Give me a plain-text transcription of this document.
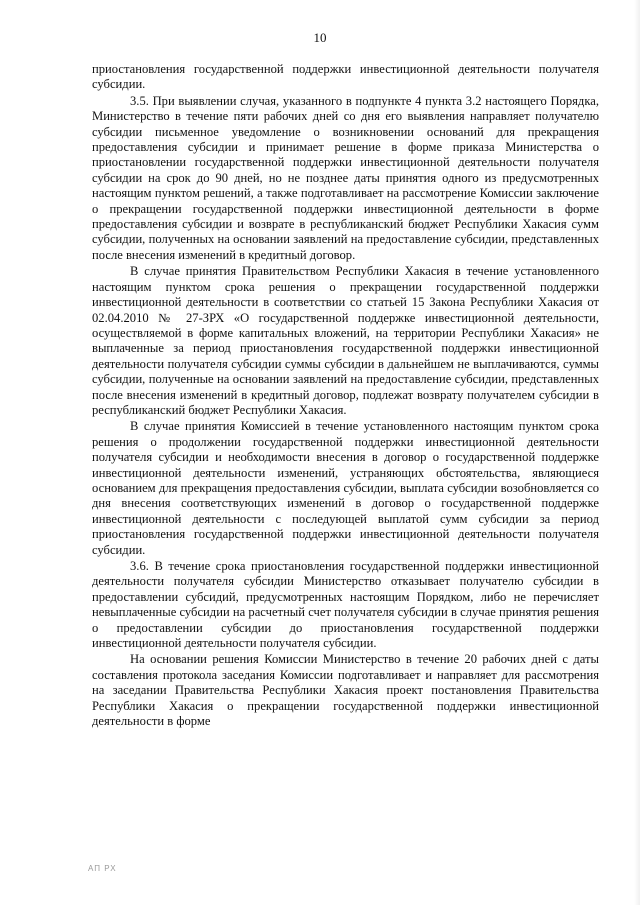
10

приостановления государственной поддержки инвестиционной деятельности получателя субсидии.

3.5. При выявлении случая, указанного в подпункте 4 пункта 3.2 настоящего Порядка, Министерство в течение пяти рабочих дней со дня его выявления направляет получателю субсидии письменное уведомление о возникновении оснований для прекращения предоставления субсидии и принимает решение в форме приказа Министерства о приостановлении государственной поддержки инвестиционной деятельности получателя субсидии на срок до 90 дней, но не позднее даты принятия одного из предусмотренных настоящим пунктом решений, а также подготавливает на рассмотрение Комиссии заключение о прекращении государственной поддержки инвестиционной деятельности в форме предоставления субсидии и возврате в республиканский бюджет Республики Хакасия сумм субсидии, полученных на основании заявлений на предоставление субсидии, представленных после внесения изменений в кредитный договор.

В случае принятия Правительством Республики Хакасия в течение установленного настоящим пунктом срока решения о прекращении государственной поддержки инвестиционной деятельности в соответствии со статьей 15 Закона Республики Хакасия от 02.04.2010 № 27-ЗРХ «О государственной поддержке инвестиционной деятельности, осуществляемой в форме капитальных вложений, на территории Республики Хакасия» не выплаченные за период приостановления государственной поддержки инвестиционной деятельности получателя субсидии суммы субсидии в дальнейшем не выплачиваются, суммы субсидии, полученные на основании заявлений на предоставление субсидии, представленных после внесения изменений в кредитный договор, подлежат возврату получателем субсидии в республиканский бюджет Республики Хакасия.

В случае принятия Комиссией в течение установленного настоящим пунктом срока решения о продолжении государственной поддержки инвестиционной деятельности получателя субсидии и необходимости внесения в договор о государственной поддержке инвестиционной деятельности изменений, устраняющих обстоятельства, являющиеся основанием для прекращения предоставления субсидии, выплата субсидии возобновляется со дня внесения соответствующих изменений в договор о государственной поддержке инвестиционной деятельности с последующей выплатой сумм субсидии за период приостановления государственной поддержки инвестиционной деятельности получателя субсидии.

3.6. В течение срока приостановления государственной поддержки инвестиционной деятельности получателя субсидии Министерство отказывает получателю субсидии в предоставлении субсидий, предусмотренных настоящим Порядком, либо не перечисляет невыплаченные субсидии на расчетный счет получателя субсидии в случае принятия решения о предоставлении субсидии до приостановления государственной поддержки инвестиционной деятельности получателя субсидии.

На основании решения Комиссии Министерство в течение 20 рабочих дней с даты составления протокола заседания Комиссии подготавливает и направляет для рассмотрения на заседании Правительства Республики Хакасия проект постановления Правительства Республики Хакасия о прекращении государственной поддержки инвестиционной деятельности в форме

АП РХ
